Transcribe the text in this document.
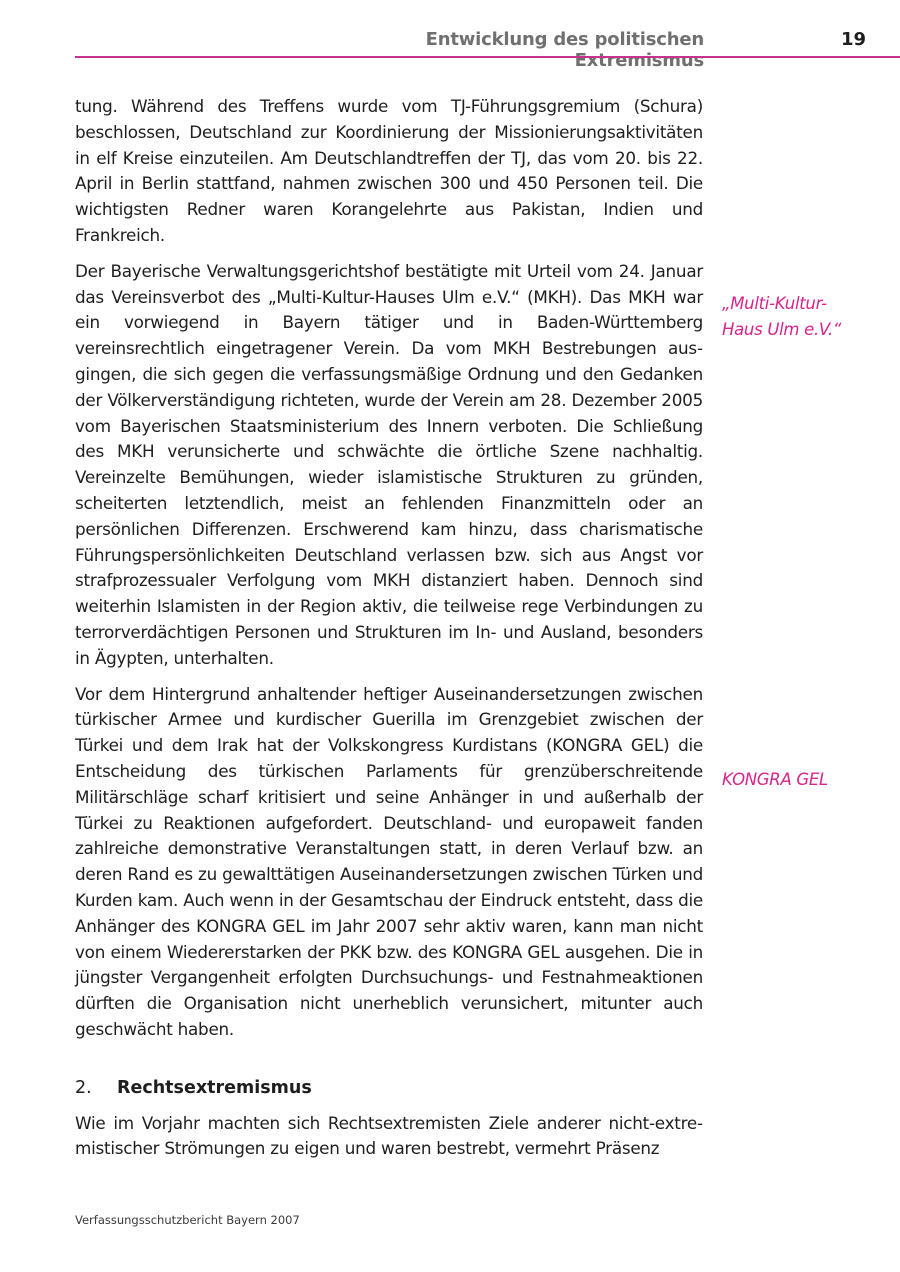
Entwicklung des politischen Extremismus
19

tung. Während des Treffens wurde vom TJ-Führungsgremium (Schura) beschlossen, Deutschland zur Koordinierung der Missionierungsaktivitäten in elf Kreise einzuteilen. Am Deutschlandtreffen der TJ, das vom 20. bis 22. April in Berlin stattfand, nahmen zwischen 300 und 450 Personen teil. Die wichtigsten Redner waren Korangelehrte aus Pakistan, Indien und Frankreich.

Der Bayerische Verwaltungsgerichtshof bestätigte mit Urteil vom 24. Januar das Vereinsverbot des „Multi-Kultur-Hauses Ulm e.V.“ (MKH). Das MKH war ein vorwiegend in Bayern tätiger und in Baden-Württemberg vereinsrechtlich eingetragener Verein. Da vom MKH Bestrebungen ausgingen, die sich gegen die verfassungsmäßige Ordnung und den Gedanken der Völkerverständigung richteten, wurde der Verein am 28. Dezember 2005 vom Bayerischen Staatsministerium des Innern verboten. Die Schließung des MKH verunsicherte und schwächte die örtliche Szene nachhaltig. Vereinzelte Bemühungen, wieder islamistische Strukturen zu gründen, scheiterten letztendlich, meist an fehlenden Finanzmitteln oder an persönlichen Differenzen. Erschwerend kam hinzu, dass charismatische Führungspersönlichkeiten Deutschland verlassen bzw. sich aus Angst vor strafprozessualer Verfolgung vom MKH distanziert haben. Dennoch sind weiterhin Islamisten in der Region aktiv, die teilweise rege Verbindungen zu terrorverdächtigen Personen und Strukturen im In- und Ausland, besonders in Ägypten, unterhalten.

Vor dem Hintergrund anhaltender heftiger Auseinandersetzungen zwischen türkischer Armee und kurdischer Guerilla im Grenzgebiet zwischen der Türkei und dem Irak hat der Volkskongress Kurdistans (KONGRA GEL) die Entscheidung des türkischen Parlaments für grenzüberschreitende Militärschläge scharf kritisiert und seine Anhänger in und außerhalb der Türkei zu Reaktionen aufgefordert. Deutschland- und europaweit fanden zahlreiche demonstrative Veranstaltungen statt, in deren Verlauf bzw. an deren Rand es zu gewalttätigen Auseinandersetzungen zwischen Türken und Kurden kam. Auch wenn in der Gesamtschau der Eindruck entsteht, dass die Anhänger des KONGRA GEL im Jahr 2007 sehr aktiv waren, kann man nicht von einem Wiedererstarken der PKK bzw. des KONGRA GEL ausgehen. Die in jüngster Vergangenheit erfolgten Durchsuchungs- und Festnahmeaktionen dürften die Organisation nicht unerheblich verunsichert, mitunter auch geschwächt haben.

2. Rechtsextremismus

Wie im Vorjahr machten sich Rechtsextremisten Ziele anderer nicht-extremistischer Strömungen zu eigen und waren bestrebt, vermehrt Präsenz

„Multi-Kultur-
Haus Ulm e.V.“
KONGRA GEL
Verfassungsschutzbericht Bayern 2007
